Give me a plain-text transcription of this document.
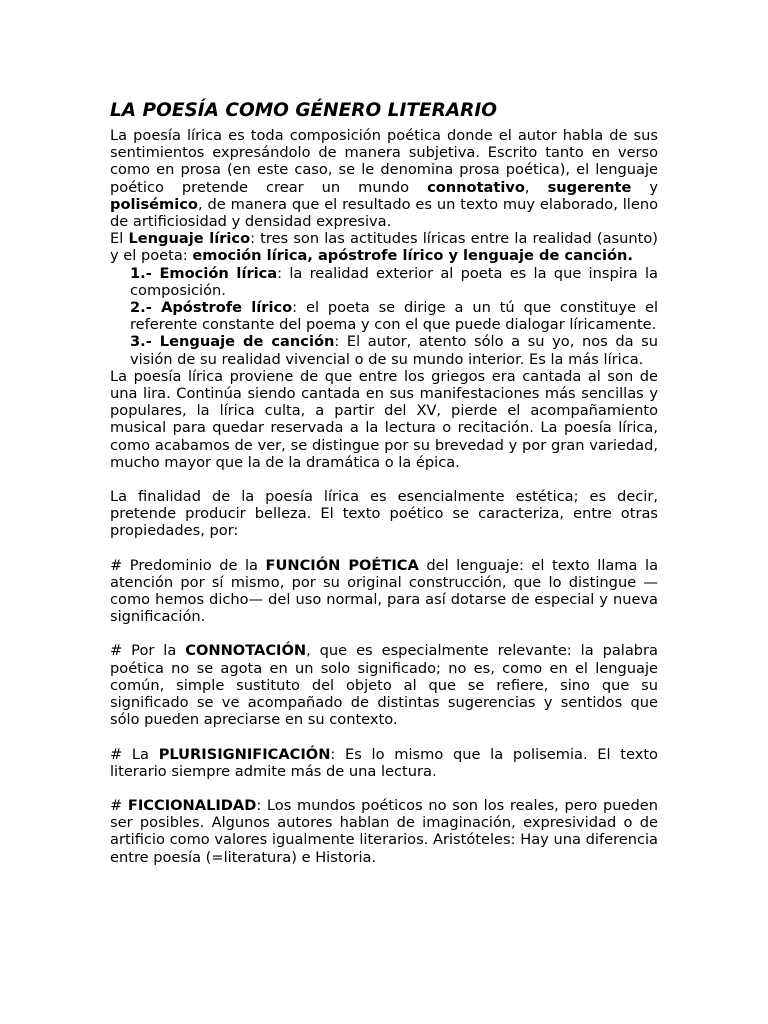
LA POESÍA COMO GÉNERO LITERARIO

La poesía lírica es toda composición poética donde el autor habla de sus sentimientos expresándolo de manera subjetiva. Escrito tanto en verso como en prosa (en este caso, se le denomina prosa poética), el lenguaje poético pretende crear un mundo connotativo, sugerente y polisémico, de manera que el resultado es un texto muy elaborado, lleno de artificiosidad y densidad expresiva.

El Lenguaje lírico: tres son las actitudes líricas entre la realidad (asunto) y el poeta: emoción lírica, apóstrofe lírico y lenguaje de canción.

1.- Emoción lírica: la realidad exterior al poeta es la que inspira la composición.
2.- Apóstrofe lírico: el poeta se dirige a un tú que constituye el referente constante del poema y con el que puede dialogar líricamente.
3.- Lenguaje de canción: El autor, atento sólo a su yo, nos da su visión de su realidad vivencial o de su mundo interior. Es la más lírica.

La poesía lírica proviene de que entre los griegos era cantada al son de una lira. Continúa siendo cantada en sus manifestaciones más sencillas y populares, la lírica culta, a partir del XV, pierde el acompañamiento musical para quedar reservada a la lectura o recitación. La poesía lírica, como acabamos de ver, se distingue por su brevedad y por gran variedad, mucho mayor que la de la dramática o la épica.

La finalidad de la poesía lírica es esencialmente estética; es decir, pretende producir belleza. El texto poético se caracteriza, entre otras propiedades, por:

# Predominio de la FUNCIÓN POÉTICA del lenguaje: el texto llama la atención por sí mismo, por su original construcción, que lo distingue —como hemos dicho— del uso normal, para así dotarse de especial y nueva significación.

# Por la CONNOTACIÓN, que es especialmente relevante: la palabra poética no se agota en un solo significado; no es, como en el lenguaje común, simple sustituto del objeto al que se refiere, sino que su significado se ve acompañado de distintas sugerencias y sentidos que sólo pueden apreciarse en su contexto.

# La PLURISIGNIFICACIÓN: Es lo mismo que la polisemia. El texto literario siempre admite más de una lectura.

# FICCIONALIDAD: Los mundos poéticos no son los reales, pero pueden ser posibles. Algunos autores hablan de imaginación, expresividad o de artificio como valores igualmente literarios. Aristóteles: Hay una diferencia entre poesía (=literatura) e Historia.
